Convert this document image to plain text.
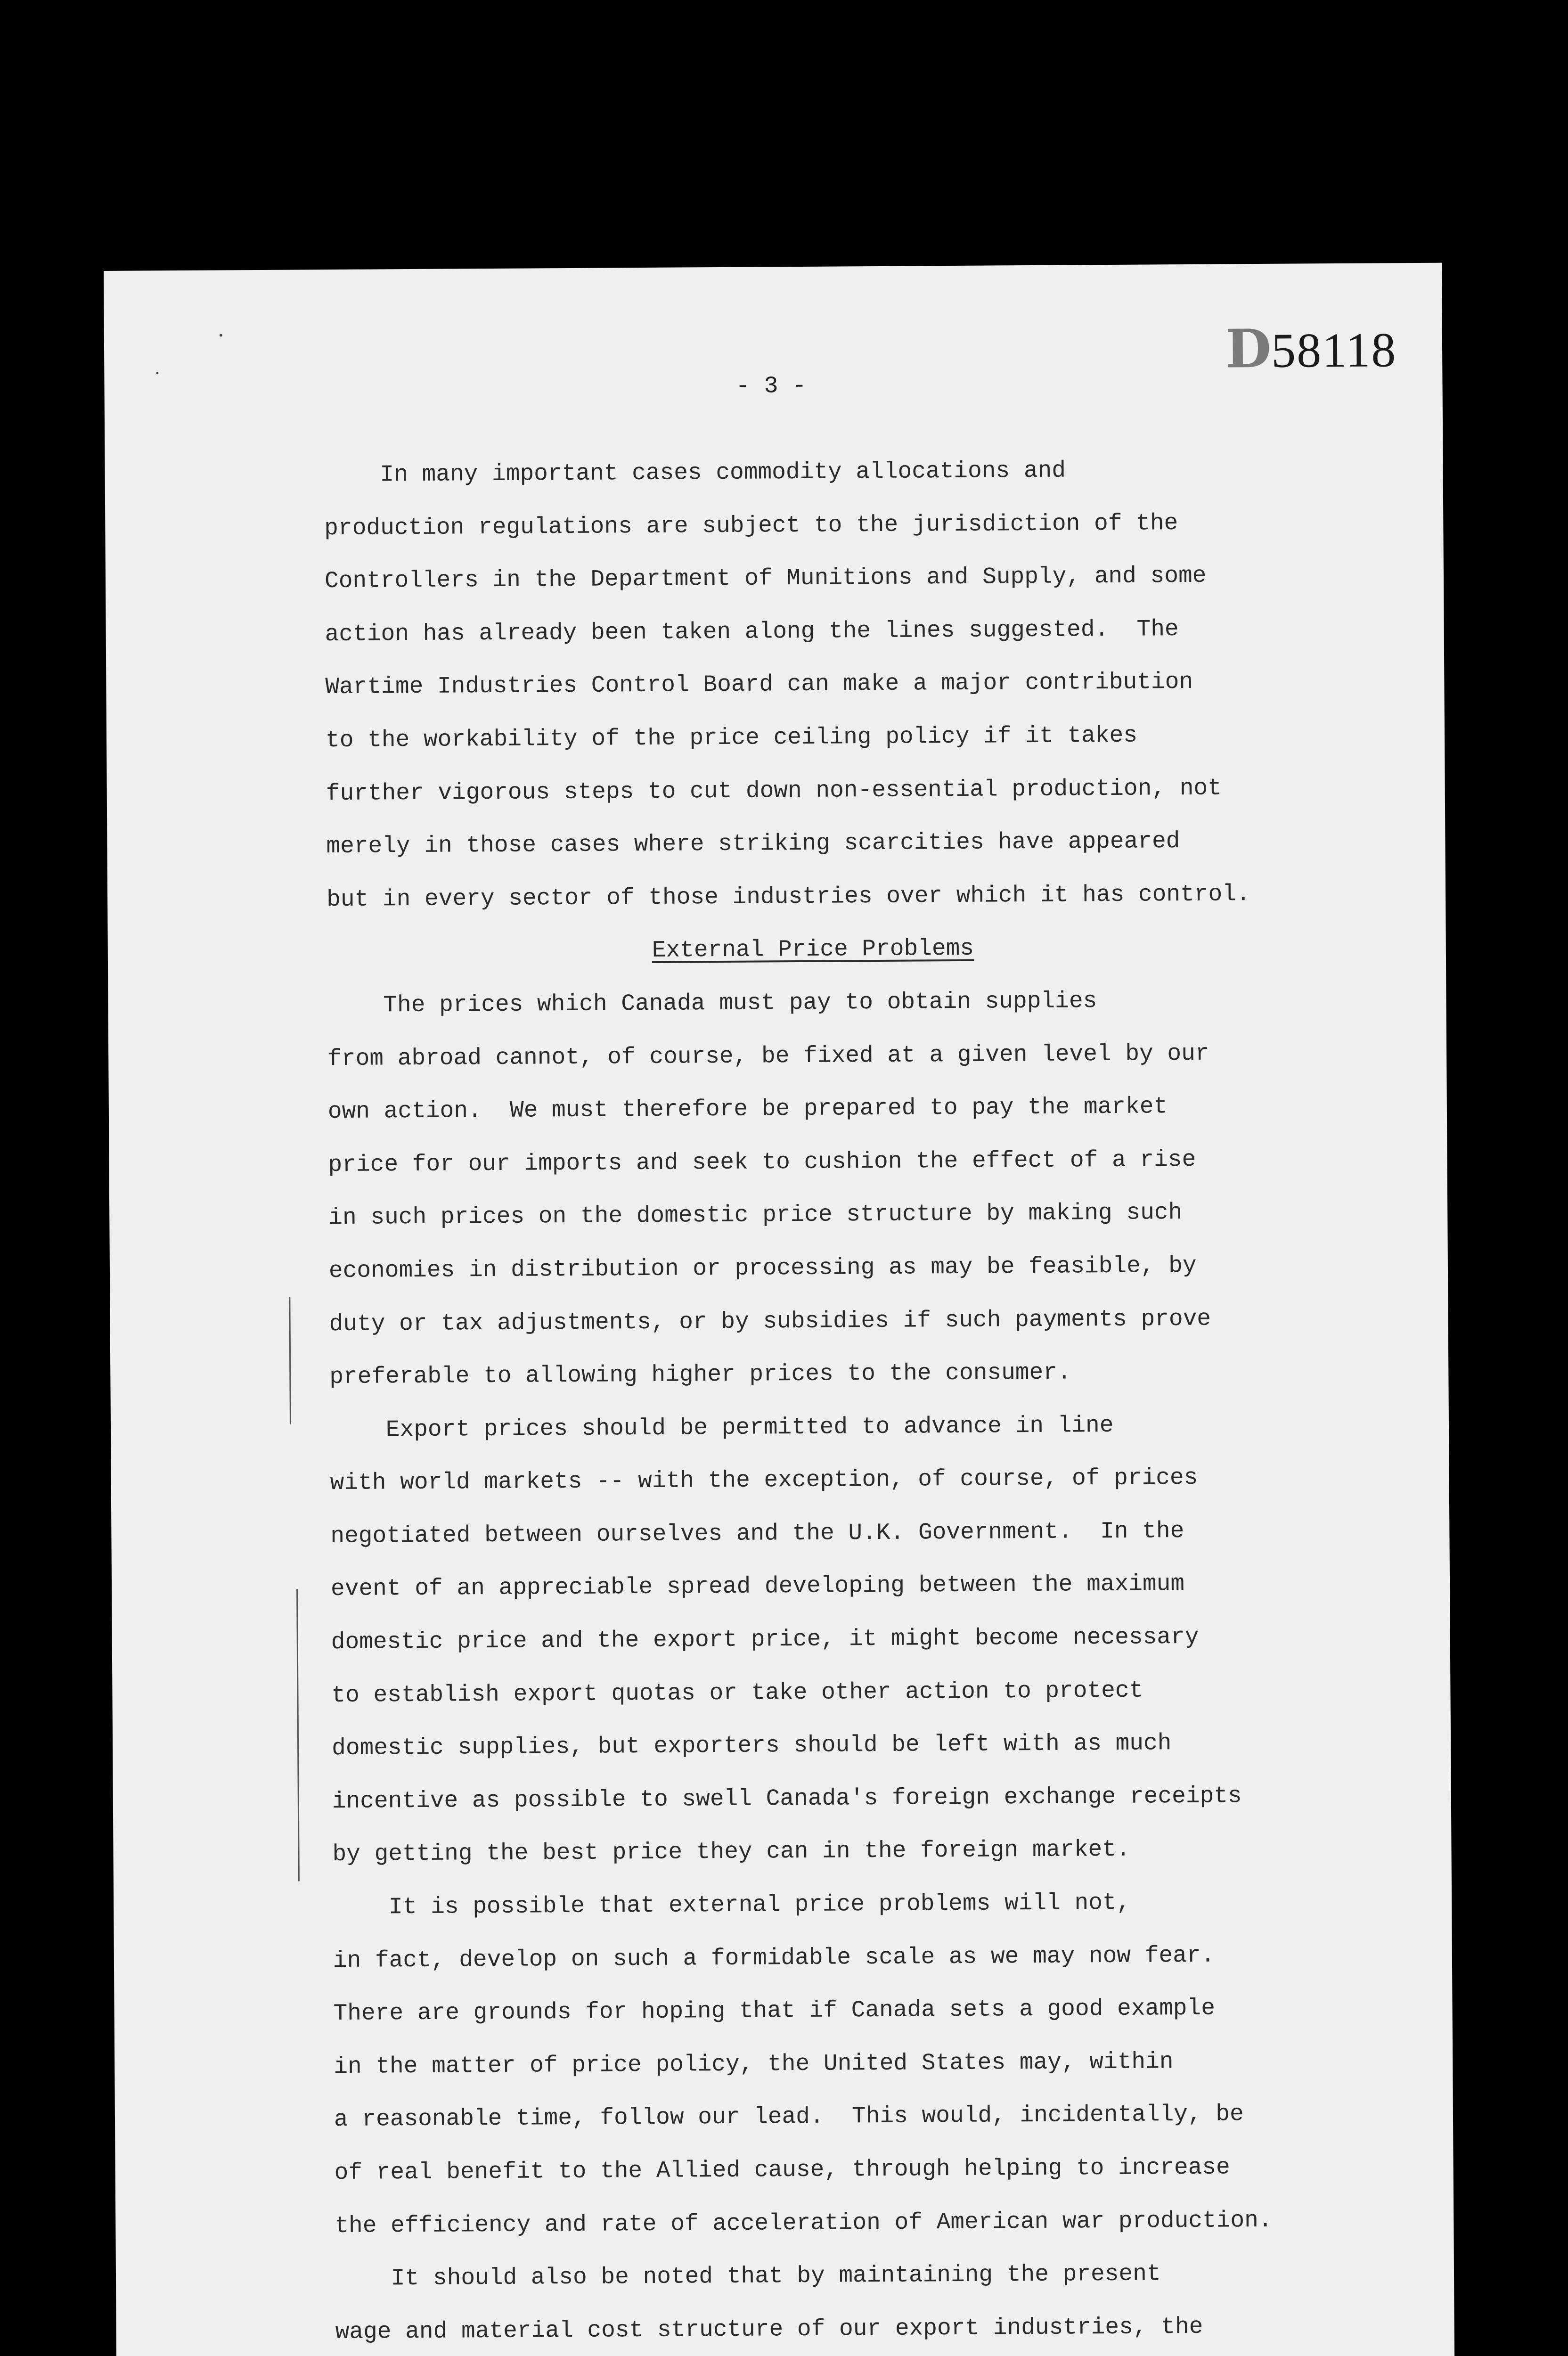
D58118
- 3 -
In many important cases commodity allocations and
production regulations are subject to the jurisdiction of the
Controllers in the Department of Munitions and Supply, and some
action has already been taken along the lines suggested.  The
Wartime Industries Control Board can make a major contribution
to the workability of the price ceiling policy if it takes
further vigorous steps to cut down non-essential production, not
merely in those cases where striking scarcities have appeared
but in every sector of those industries over which it has control.
External Price Problems
The prices which Canada must pay to obtain supplies
from abroad cannot, of course, be fixed at a given level by our
own action.  We must therefore be prepared to pay the market
price for our imports and seek to cushion the effect of a rise
in such prices on the domestic price structure by making such
economies in distribution or processing as may be feasible, by
duty or tax adjustments, or by subsidies if such payments prove
preferable to allowing higher prices to the consumer.
Export prices should be permitted to advance in line
with world markets -- with the exception, of course, of prices
negotiated between ourselves and the U.K. Government.  In the
event of an appreciable spread developing between the maximum
domestic price and the export price, it might become necessary
to establish export quotas or take other action to protect
domestic supplies, but exporters should be left with as much
incentive as possible to swell Canada's foreign exchange receipts
by getting the best price they can in the foreign market.
It is possible that external price problems will not,
in fact, develop on such a formidable scale as we may now fear.
There are grounds for hoping that if Canada sets a good example
in the matter of price policy, the United States may, within
a reasonable time, follow our lead.  This would, incidentally, be
of real benefit to the Allied cause, through helping to increase
the efficiency and rate of acceleration of American war production.
It should also be noted that by maintaining the present
wage and material cost structure of our export industries, the
